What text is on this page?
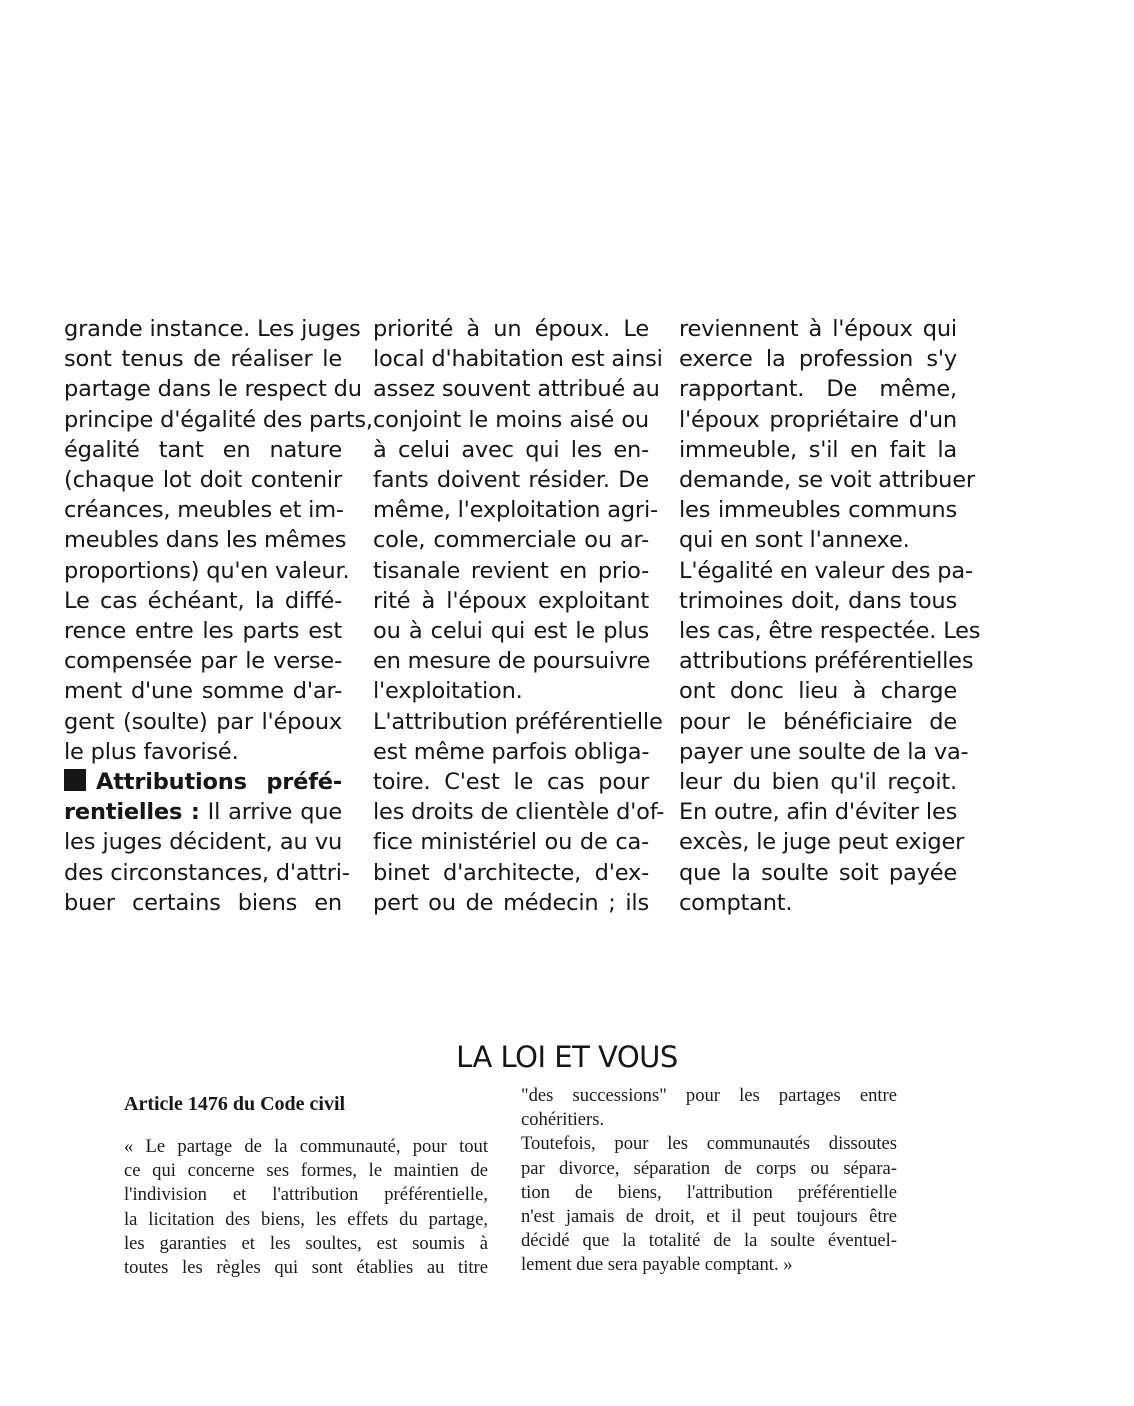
grande instance. Les juges
sont tenus de réaliser le
partage dans le respect du
principe d'égalité des parts,
égalité tant en nature
(chaque lot doit contenir
créances, meubles et im-
meubles dans les mêmes
proportions) qu'en valeur.
Le cas échéant, la diffé-
rence entre les parts est
compensée par le verse-
ment d'une somme d'ar-
gent (soulte) par l'époux
le plus favorisé.
Attributions préfé-
rentielles : Il arrive que
les juges décident, au vu
des circonstances, d'attri-
buer certains biens en
priorité à un époux. Le
local d'habitation est ainsi
assez souvent attribué au
conjoint le moins aisé ou
à celui avec qui les en-
fants doivent résider. De
même, l'exploitation agri-
cole, commerciale ou ar-
tisanale revient en prio-
rité à l'époux exploitant
ou à celui qui est le plus
en mesure de poursuivre
l'exploitation.
L'attribution préférentielle
est même parfois obliga-
toire. C'est le cas pour
les droits de clientèle d'of-
fice ministériel ou de ca-
binet d'architecte, d'ex-
pert ou de médecin ; ils
reviennent à l'époux qui
exerce la profession s'y
rapportant. De même,
l'époux propriétaire d'un
immeuble, s'il en fait la
demande, se voit attribuer
les immeubles communs
qui en sont l'annexe.
L'égalité en valeur des pa-
trimoines doit, dans tous
les cas, être respectée. Les
attributions préférentielles
ont donc lieu à charge
pour le bénéficiaire de
payer une soulte de la va-
leur du bien qu'il reçoit.
En outre, afin d'éviter les
excès, le juge peut exiger
que la soulte soit payée
comptant.
LA LOI ET VOUS
Article 1476 du Code civil
« Le partage de la communauté, pour tout
ce qui concerne ses formes, le maintien de
l'indivision et l'attribution préférentielle,
la licitation des biens, les effets du partage,
les garanties et les soultes, est soumis à
toutes les règles qui sont établies au titre
"des successions" pour les partages entre
cohéritiers.
Toutefois, pour les communautés dissoutes
par divorce, séparation de corps ou sépara-
tion de biens, l'attribution préférentielle
n'est jamais de droit, et il peut toujours être
décidé que la totalité de la soulte éventuel-
lement due sera payable comptant. »
